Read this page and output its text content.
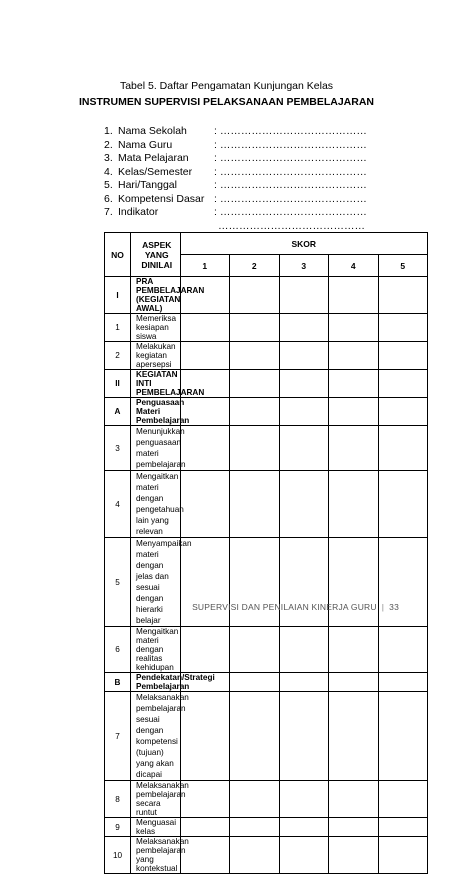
Tabel 5. Daftar Pengamatan Kunjungan Kelas
INSTRUMEN SUPERVISI PELAKSANAAN PEMBELAJARAN
1. Nama Sekolah	: ……………………………………
2. Nama Guru	: ……………………………………
3. Mata Pelajaran : ……………………………………
4. Kelas/Semester : ……………………………………
5. Hari/Tanggal	: ……………………………………
6. Kompetensi Dasar : ……………………………………
7. Indikator	: ……………………………………
……………………………………
NO	ASPEK YANG DINILAI	SKOR				
		1	2	3	4	5
I	PRA PEMBELAJARAN (KEGIATAN AWAL)					
1	Memeriksa kesiapan siswa					
2	Melakukan kegiatan apersepsi					
II	KEGIATAN INTI PEMBELAJARAN					
A	Penguasaan Materi Pembelajaran					
3	Menunjukkan penguasaan materi pembelajaran					
4	Mengaitkan materi dengan pengetahuan lain yang relevan					
5	Menyampaikan materi dengan jelas dan sesuai dengan hierarki belajar					
6	Mengaitkan materi dengan realitas kehidupan					
B	Pendekatan/Strategi Pembelajaran					
7	Melaksanakan pembelajaran sesuai dengan kompetensi (tujuan) yang akan dicapai					
8	Melaksanakan pembelajaran secara runtut					
9	Menguasai kelas					
10	Melaksanakan pembelajaran yang kontekstual					
SUPERVISI DAN PENILAIAN KINERJA GURU | 33
